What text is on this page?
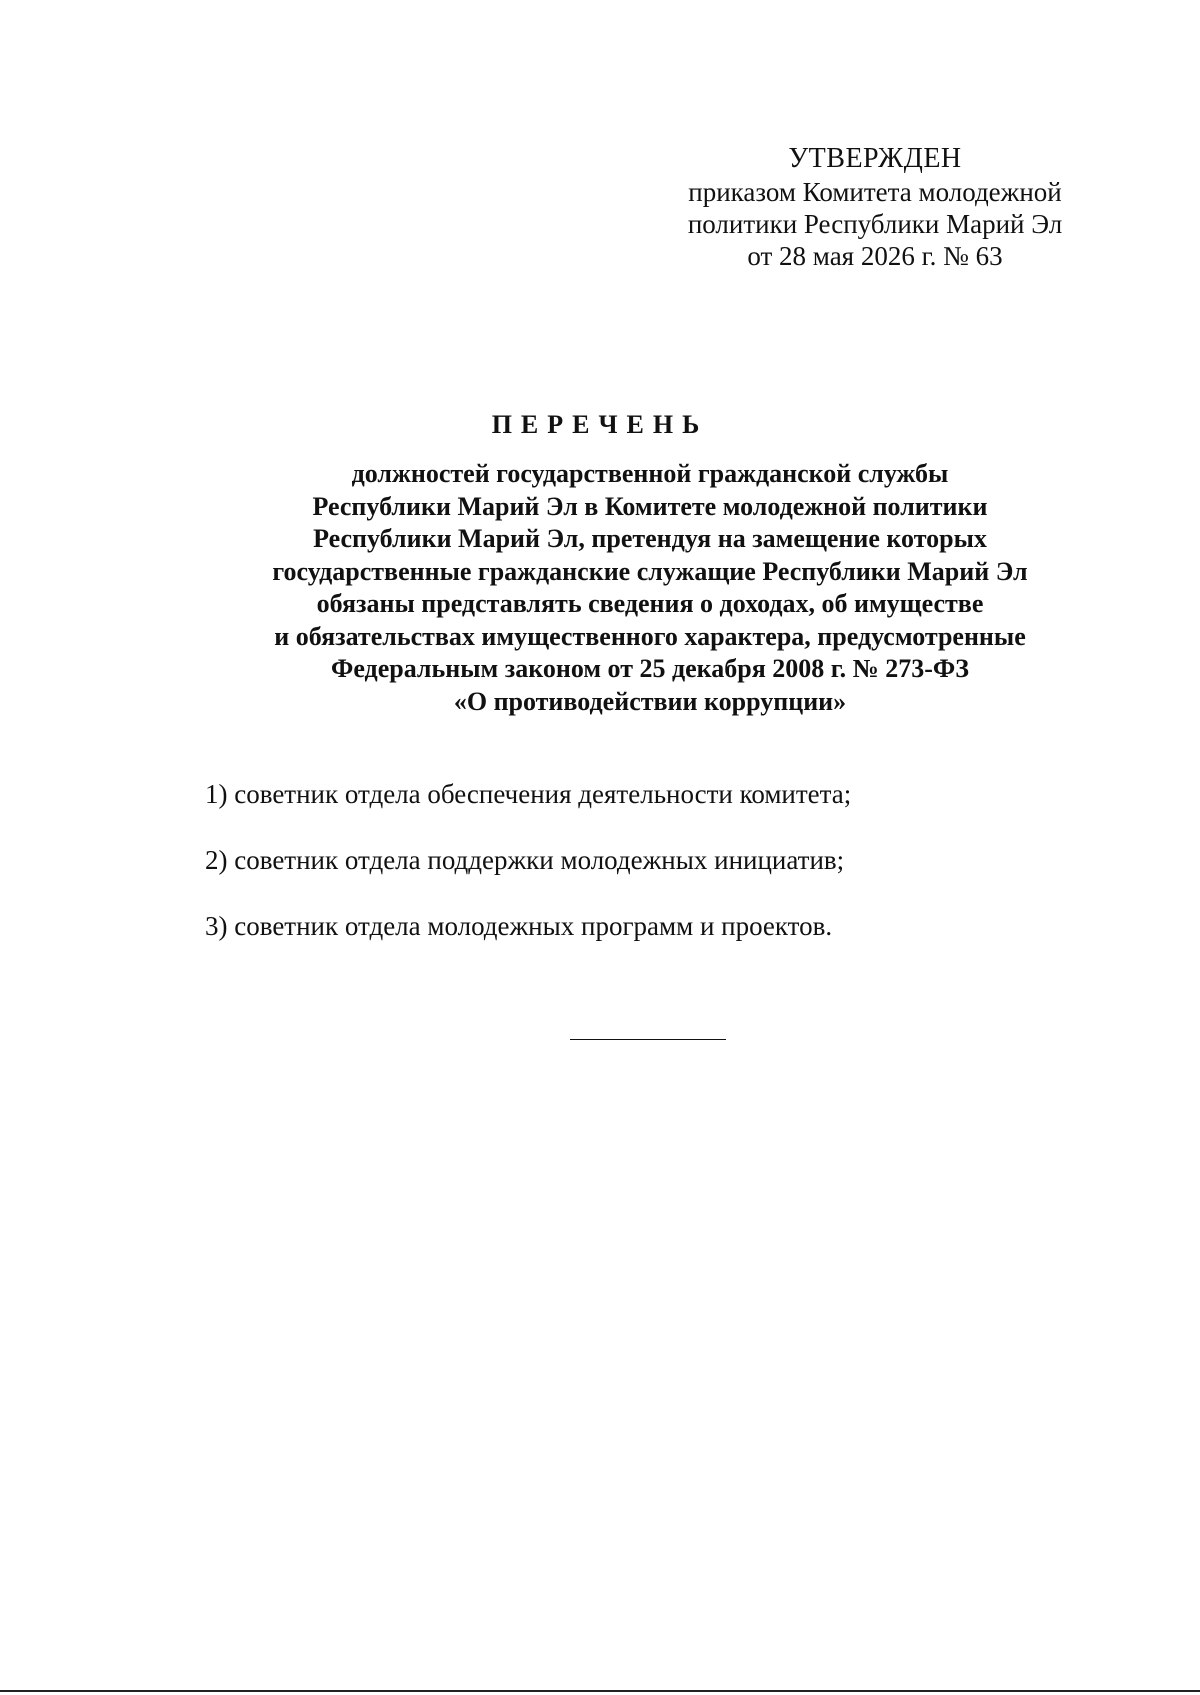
УТВЕРЖДЕН
приказом Комитета молодежной
политики Республики Марий Эл
от 28 мая 2026 г. № 63
ПЕРЕЧЕНЬ
должностей государственной гражданской службы
Республики Марий Эл в Комитете молодежной политики
Республики Марий Эл, претендуя на замещение которых
государственные гражданские служащие Республики Марий Эл
обязаны представлять сведения о доходах, об имуществе
и обязательствах имущественного характера, предусмотренные
Федеральным законом от 25 декабря 2008 г. № 273-ФЗ
«О противодействии коррупции»
1) советник отдела обеспечения деятельности комитета;
2) советник отдела поддержки молодежных инициатив;
3) советник отдела молодежных программ и проектов.
